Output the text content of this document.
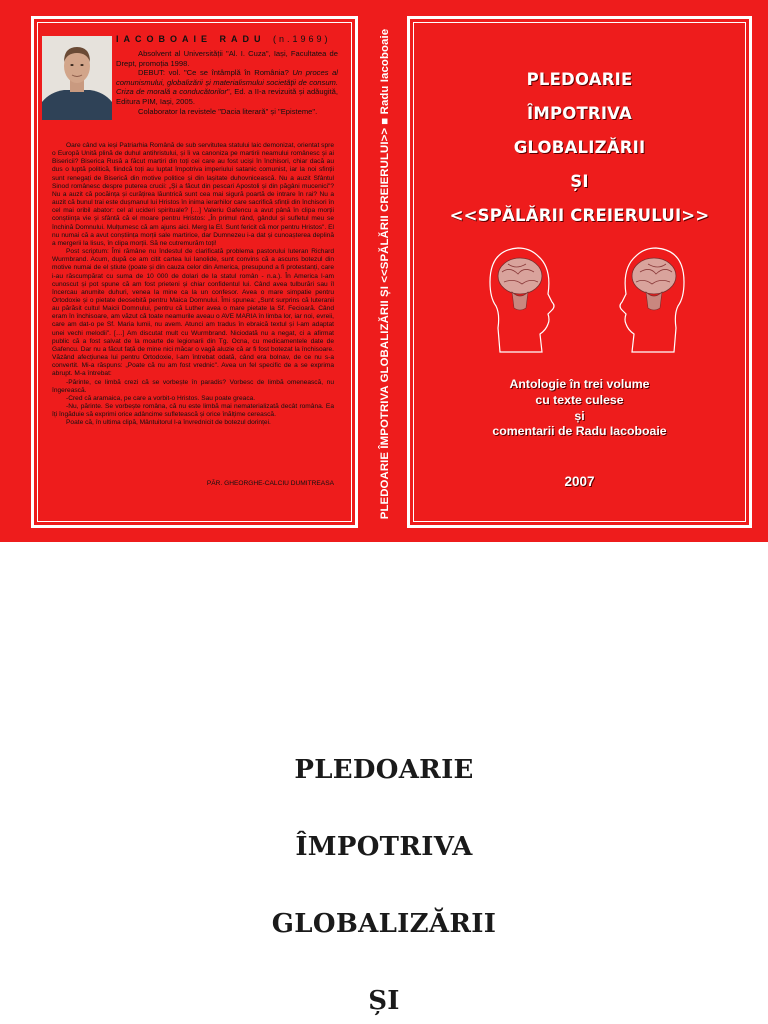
IACOBOAIE RADU (n.1969)

Absolvent al Universității "Al. I. Cuza", Iași, Facultatea de Drept, promoția 1998.

DEBUT: vol. "Ce se întâmplă în România? Un proces al comunismului, globalizării și materialismului societății de consum. Criza de morală a conducătorilor", Ed. a II-a revizuită și adăugită, Editura PIM, Iași, 2005.

Colaborator la revistele "Dacia literară" și "Episteme".

Oare când va ieși Patriarhia Română de sub servitutea statului laic demonizat, orientat spre o Europă Unită plină de duhul antihristului, și îi va canoniza pe martirii neamului românesc și ai Bisericii? Biserica Rusă a făcut martiri din toți cei care au fost uciși în închisori, chiar dacă au dus o luptă politică, fiindcă toți au luptat împotriva imperiului satanic comunist, iar la noi sfinții sunt renegați de Biserică din motive politice și din lașitate duhovnicească. Nu a auzit Sfântul Sinod românesc despre puterea crucii: „Și a făcut din pescari Apostoli și din păgâni mucenici"? Nu a auzit că pocăința și curățirea lăuntrică sunt cea mai sigură poartă de intrare în rai? Nu a auzit că bunul trai este dușmanul lui Hristos în inima ierarhilor care sacrifică sfinții din închisori în cel mai oribil abator: cel al ucideri spirituale? […] Valeriu Gafencu a avut până în clipa morții conștiința vie și sfântă că el moare pentru Hristos: „În primul rând, gândul și sufletul meu se închină Domnului. Mulțumesc că am ajuns aici. Merg la El. Sunt fericit că mor pentru Hristos". El nu numai că a avut conștiința morții sale martirice, dar Dumnezeu i-a dat și cunoașterea deplină a mergerii la Iisus, în clipa morții. Să ne cutremurăm toți!

Post scriptum: Îmi rămâne nu îndestul de clarificată problema pastorului luteran Richard Wurmbrand. Acum, după ce am citit cartea lui Ianolide, sunt convins că a ascuns botezul din motive numai de el știute (poate și din cauza celor din America, presupund a fi protestanți, care i-au răscumpărat cu suma de 10 000 de dolari de la statul român - n.a.). În America l-am cunoscut și pot spune că am fost prieteni și chiar confidentul lui. Când avea tulburări sau îl încercau anumite duhuri, venea la mine ca la un confesor. Avea o mare simpatie pentru Ortodoxie și o pietate deosebită pentru Maica Domnului. Îmi spunea: „Sunt surprins că luteranii au părăsit cultul Maicii Domnului, pentru că Luther avea o mare pietate la Sf. Fecioară. Când eram în închisoare, am văzut că toate neamurile aveau o AVE MARIA în limba lor, iar noi, evreii, care am dat-o pe Sf. Maria lumii, nu avem. Atunci am tradus în ebraică textul și l-am adaptat unei vechi melodii". […] Am discutat mult cu Wurmbrand. Niciodată nu a negat, ci a afirmat public că a fost salvat de la moarte de legionarii din Tg. Ocna, cu medicamentele date de Gafencu. Dar nu a făcut față de mine nici măcar o vagă aluzie că ar fi fost botezat la închisoare. Văzând afecțiunea lui pentru Ortodoxie, l-am întrebat odată, când era bolnav, de ce nu s-a convertit. Mi-a răspuns: „Poate că nu am fost vrednic". Avea un fel specific de a se exprima abrupt. M-a întrebat:

-Părinte, ce limbă crezi că se vorbește în paradis? Vorbesc de limbă omenească, nu îngerească.

-Cred că aramaica, pe care a vorbit-o Hristos. Sau poate greaca.

-Nu, părinte. Se vorbește româna, că nu este limbă mai nematerializată decât româna. Ea îți îngăduie să exprimi orice adâncime sufletească și orice înălțime cerească.

Poate că, în ultima clipă, Mântuitorul l-a învrednicit de botezul dorinței.

PĂR. GHEORGHE-CALCIU DUMITREASA	PLEDOARIE ÎMPOTRIVA GLOBALIZĂRII ȘI <<SPĂLĂRII CREIERULUI>> ■ Radu Iacoboaie	PLEDOARIE
ÎMPOTRIVA
GLOBALIZĂRII
ȘI
<<SPĂLĂRII CREIERULUI>>
Antologie în trei volume
cu texte culese
și
comentarii de Radu Iacoboaie
2007
PLEDOARIE
ÎMPOTRIVA
GLOBALIZĂRII
ȘI
